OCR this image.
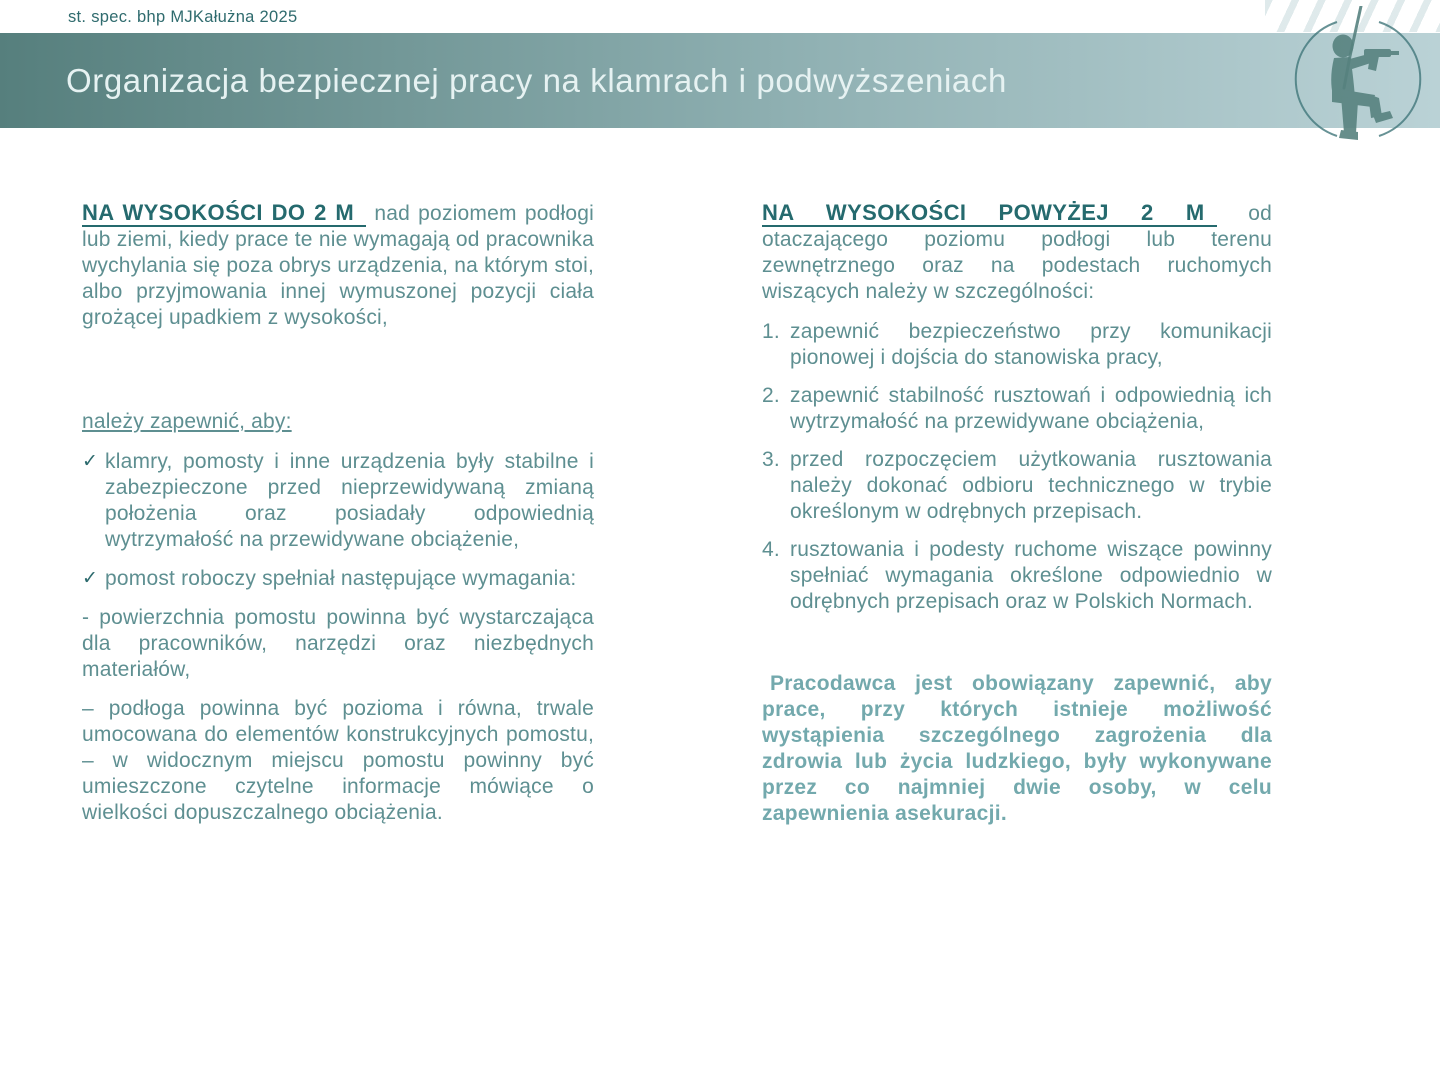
st. spec. bhp MJKałużna 2025
Organizacja bezpiecznej pracy na klamrach i podwyższeniach

NA WYSOKOŚCI DO 2 M nad poziomem podłogi lub ziemi, kiedy prace te nie wymagają od pracownika wychylania się poza obrys urządzenia, na którym stoi, albo przyjmowania innej wymuszonej pozycji ciała grożącej upadkiem z wysokości,

należy zapewnić, aby:
✓ klamry, pomosty i inne urządzenia były stabilne i zabezpieczone przed nieprzewidywaną zmianą położenia oraz posiadały odpowiednią wytrzymałość na przewidywane obciążenie,
✓ pomost roboczy spełniał następujące wymagania:

- powierzchnia pomostu powinna być wystarczająca dla pracowników, narzędzi oraz niezbędnych materiałów,

– podłoga powinna być pozioma i równa, trwale umocowana do elementów konstrukcyjnych pomostu, – w widocznym miejscu pomostu powinny być umieszczone czytelne informacje mówiące o wielkości dopuszczalnego obciążenia.

NA WYSOKOŚCI POWYŻEJ 2 M od otaczającego poziomu podłogi lub terenu zewnętrznego oraz na podestach ruchomych wiszących należy w szczególności:

1. zapewnić bezpieczeństwo przy komunikacji pionowej i dojścia do stanowiska pracy,
2. zapewnić stabilność rusztowań i odpowiednią ich wytrzymałość na przewidywane obciążenia,
3. przed rozpoczęciem użytkowania rusztowania należy dokonać odbioru technicznego w trybie określonym w odrębnych przepisach.
4. rusztowania i podesty ruchome wiszące powinny spełniać wymagania określone odpowiednio w odrębnych przepisach oraz w Polskich Normach.

Pracodawca jest obowiązany zapewnić, aby prace, przy których istnieje możliwość wystąpienia szczególnego zagrożenia dla zdrowia lub życia ludzkiego, były wykonywane przez co najmniej dwie osoby, w celu zapewnienia asekuracji.
